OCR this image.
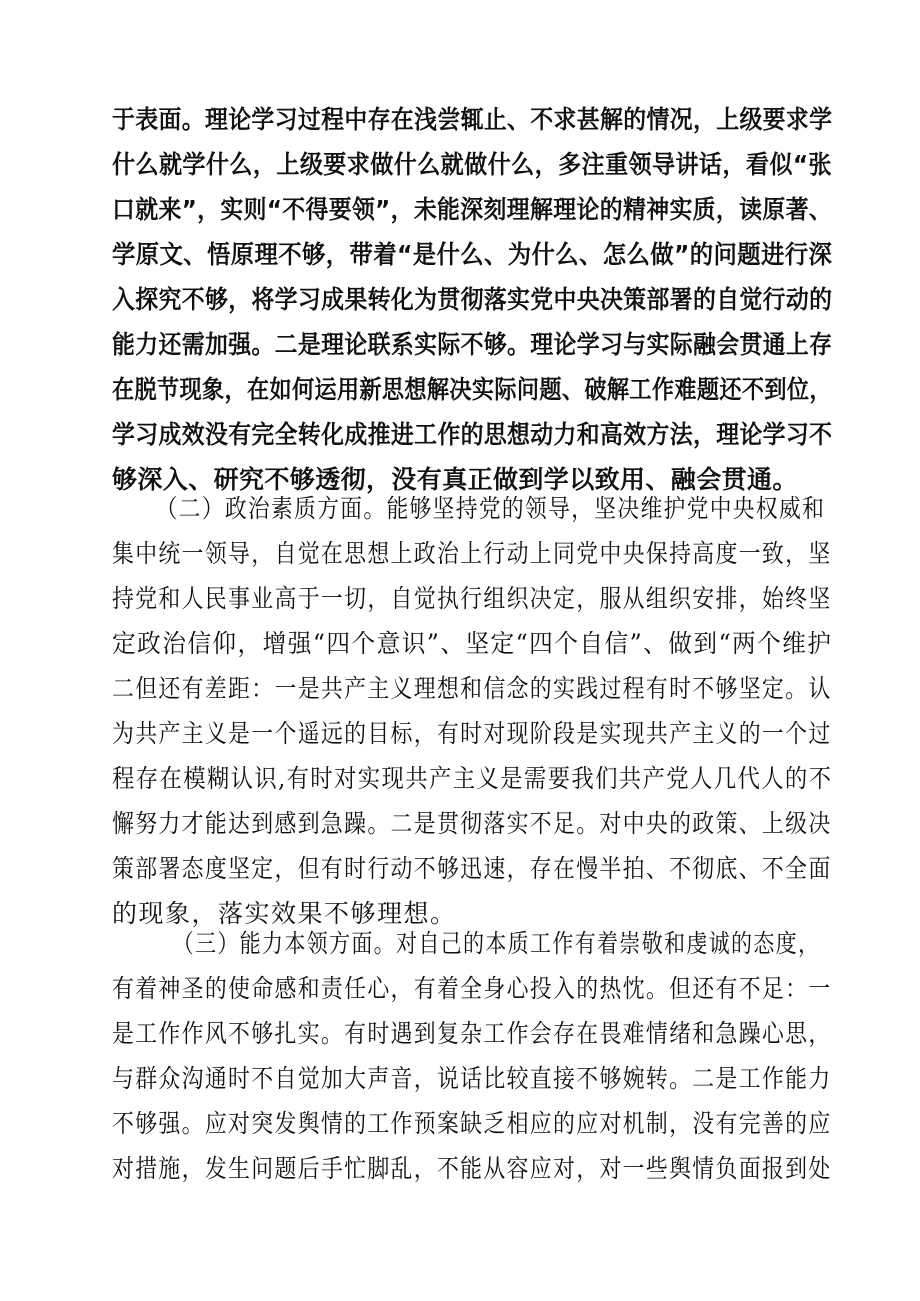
于表面。理论学习过程中存在浅尝辄止、不求甚解的情况，上级要求学
什么就学什么，上级要求做什么就做什么，多注重领导讲话，看似“张
口就来”，实则“不得要领”，未能深刻理解理论的精神实质，读原著、
学原文、悟原理不够，带着“是什么、为什么、怎么做”的问题进行深
入探究不够，将学习成果转化为贯彻落实党中央决策部署的自觉行动的
能力还需加强。二是理论联系实际不够。理论学习与实际融会贯通上存
在脱节现象，在如何运用新思想解决实际问题、破解工作难题还不到位，
学习成效没有完全转化成推进工作的思想动力和高效方法，理论学习不
够深入、研究不够透彻，没有真正做到学以致用、融会贯通。
（二）政治素质方面。能够坚持党的领导，坚决维护党中央权威和
集中统一领导，自觉在思想上政治上行动上同党中央保持高度一致，坚
持党和人民事业高于一切，自觉执行组织决定，服从组织安排，始终坚
定政治信仰，增强“四个意识”、坚定“四个自信”、做到“两个维护
二但还有差距：一是共产主义理想和信念的实践过程有时不够坚定。认
为共产主义是一个遥远的目标，有时对现阶段是实现共产主义的一个过
程存在模糊认识,有时对实现共产主义是需要我们共产党人几代人的不
懈努力才能达到感到急躁。二是贯彻落实不足。对中央的政策、上级决
策部署态度坚定，但有时行动不够迅速，存在慢半拍、不彻底、不全面
的现象，落实效果不够理想。
（三）能力本领方面。对自己的本质工作有着崇敬和虔诚的态度，
有着神圣的使命感和责任心，有着全身心投入的热忱。但还有不足：一
是工作作风不够扎实。有时遇到复杂工作会存在畏难情绪和急躁心思，
与群众沟通时不自觉加大声音，说话比较直接不够婉转。二是工作能力
不够强。应对突发舆情的工作预案缺乏相应的应对机制，没有完善的应
对措施，发生问题后手忙脚乱，不能从容应对，对一些舆情负面报到处
